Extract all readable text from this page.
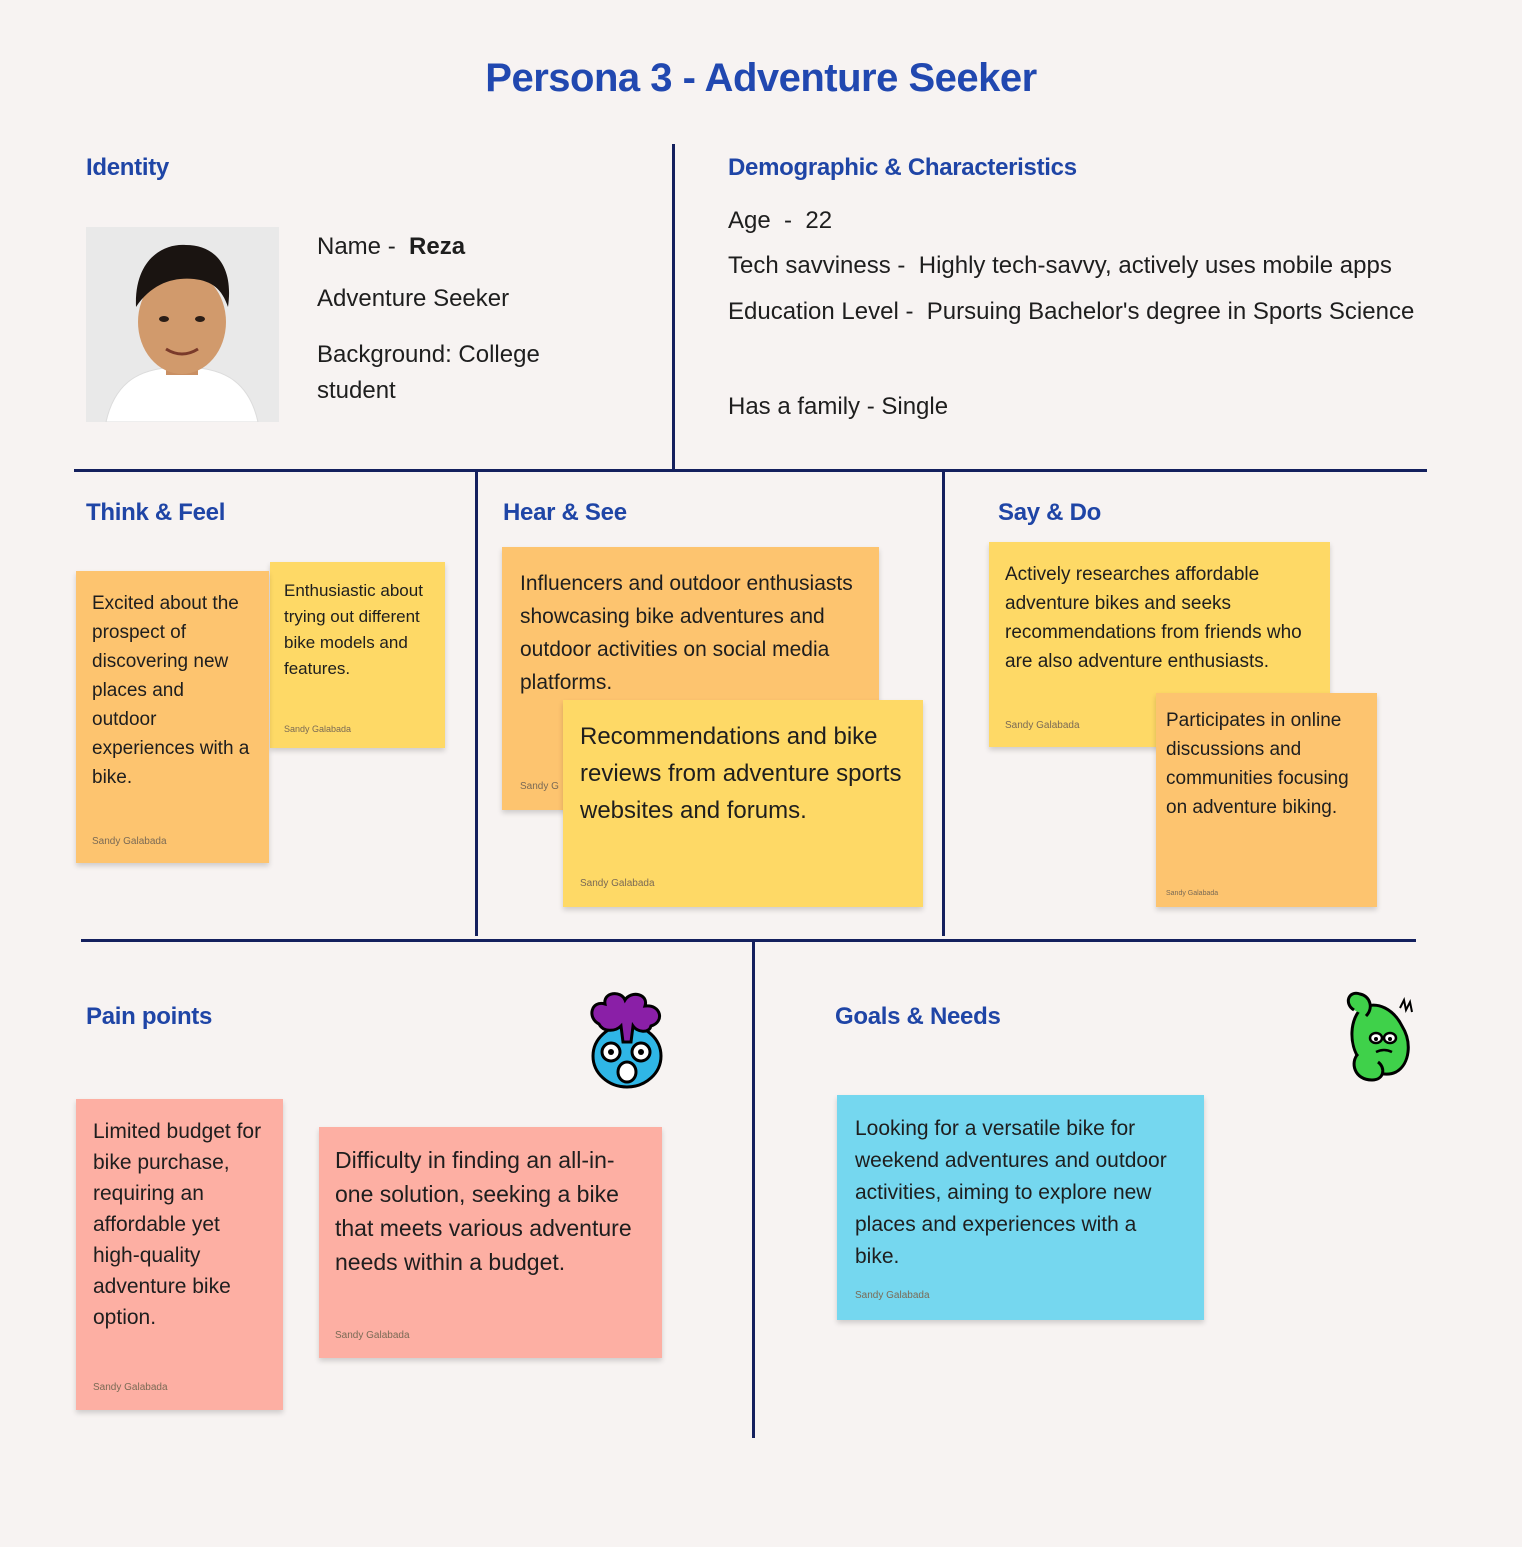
Persona 3 - Adventure Seeker
Identity
Name - Reza
Adventure Seeker
Background: College student
Demographic & Characteristics
Age  -  22
Tech savviness -  Highly tech-savvy, actively uses mobile apps
Education Level -  Pursuing Bachelor's degree in Sports Science
Has a family - Single
Think & Feel
Enthusiastic about trying out different bike models and features.
Sandy Galabada
Excited about the prospect of discovering new places and outdoor experiences with a bike.
Sandy Galabada
Hear & See
Influencers and outdoor enthusiasts showcasing bike adventures and outdoor activities on social media platforms.
Sandy G
Recommendations and bike reviews from adventure sports websites and forums.
Sandy Galabada
Say & Do
Actively researches affordable adventure bikes and seeks recommendations from friends who are also adventure enthusiasts.
Sandy Galabada	Participates in online discussions and communities focusing on adventure biking.
Sandy Galabada
Pain points
Limited budget for bike purchase, requiring an affordable yet high-quality adventure bike option.
Sandy Galabada
Difficulty in finding an all-in-one solution, seeking a bike that meets various adventure needs within a budget.
Sandy Galabada
Goals & Needs
Looking for a versatile bike for weekend adventures and outdoor activities, aiming to explore new places and experiences with a bike.
Sandy Galabada
